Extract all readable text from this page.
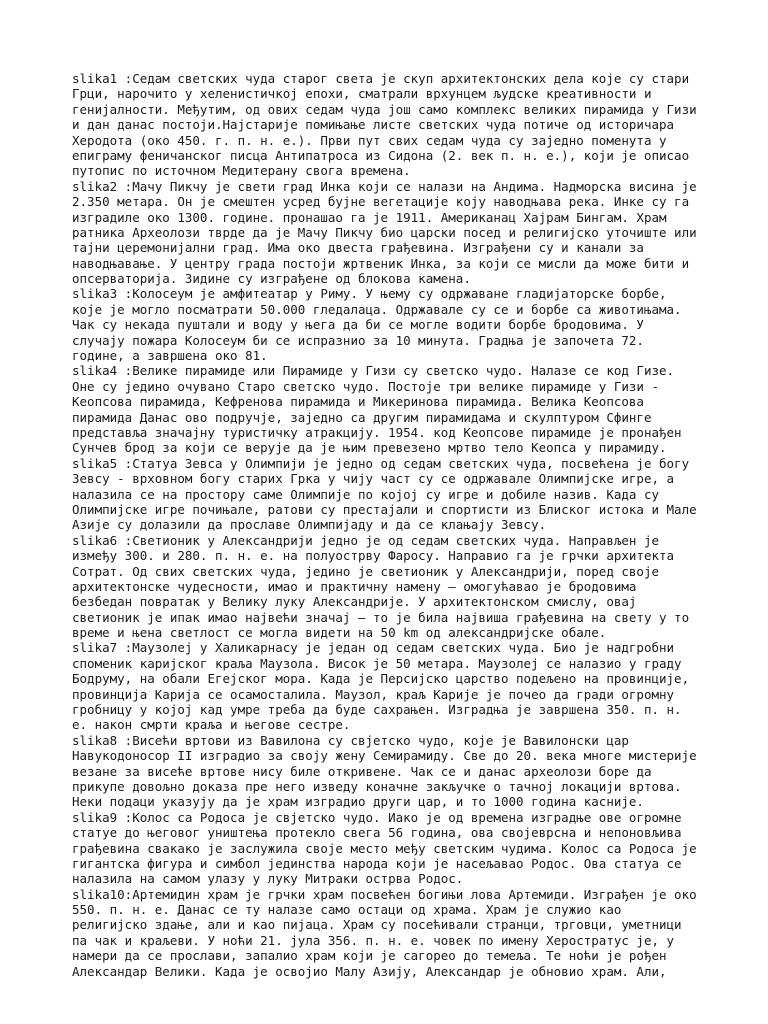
slika1 :Седам светских чуда старог света је скуп архитектонских дела које су стари

Грци, нарочито у хеленистичкој епохи, сматрали врхунцем људске креативности и

генијалности. Међутим, од ових седам чуда још само комплекс великих пирамида у Гизи

и дан данас постоји.Најстарије помињање листе светских чуда потиче од историчара

Херодота (око 450. г. п. н. е.). Први пут свих седам чуда су заједно поменута у

епиграму феничанског писца Антипатроса из Сидона (2. век п. н. е.), који је описао

путопис по источном Медитерану свога времена.

slika2 :Мачу Пикчу је свети град Инка који се налази на Андима. Надморска висина је

2.350 метара. Он је смештен усред бујне вегетације коју наводњава река. Инке су га

изградиле око 1300. године. пронашао га је 1911. Американац Хајрам Бингам. Храм

ратника Археолози тврде да је Мачу Пикчу био царски посед и религијско уточиште или

тајни церемонијални град. Има око двеста грађевина. Изграђени су и канали за

наводњавање. У центру града постоји жртвеник Инка, за који се мисли да може бити и

опсерваторија. Зидине су изграђене од блокова камена.

slika3 :Колосеум је амфитеатар у Риму. У њему су одржаване гладијаторске борбе,

које је могло посматрати 50.000 гледалаца. Одржавале су се и борбе са животињама.

Чак су некада пуштали и воду у њега да би се могле водити борбе бродовима. У

случају пожара Колосеум би се испразнио за 10 минута. Градња је започета 72.

године, а завршена око 81.

slika4 :Велике пирамиде или Пирамиде у Гизи су светско чудо. Налазе се код Гизе.

Оне су једино очувано Старо светско чудо. Постоје три велике пирамиде у Гизи -

Кеопсова пирамида, Кефренова пирамида и Микеринова пирамида. Велика Кеопсова

пирамида Данас ово подручје, заједно са другим пирамидама и скулптуром Сфинге

представља значајну туристичку атракцију. 1954. код Кеопсове пирамиде је пронађен

Сунчев брод за који се верује да је њим превезено мртво тело Кеопса у пирамиду.

slika5 :Статуа Зевса у Олимпији је једно од седам светских чуда, посвећена је богу

Зевсу - врховном богу старих Грка у чију част су се одржавале Олимпијске игре, а

налазила се на простору саме Олимпије по којој су игре и добиле назив. Када су

Олимпијске игре почињале, ратови су престајали и спортисти из Блиског истока и Мале

Азије су долазили да прославе Олимпијаду и да се клањају Зевсу.

slika6 :Светионик у Александрији једно је од седам светских чуда. Направљен је

између 300. и 280. п. н. е. на полуострву Фаросу. Направио га је грчки архитекта

Сотрат. Од свих светских чуда, једино је светионик у Александрији, поред своје

архитектонске чудесности, имао и практичну намену — омогућавао је бродовима

безбедан повратак у Велику луку Александрије. У архитектонском смислу, овај

светионик је ипак имао највећи значај — то је била највиша грађевина на свету у то

време и њена светлост се могла видети на 50 km од александријске обале.

slika7 :Маузолеј у Халикарнасу је један од седам светских чуда. Био је надгробни

споменик каријског краља Маузола. Висок је 50 метара. Маузолеј се налазио у граду

Бодруму, на обали Егејског мора. Када је Персијско царство подељено на провинције,

провинција Карија се осамосталила. Маузол, краљ Карије је почео да гради огромну

гробницу у којој кад умре треба да буде сахрањен. Изградња је завршена 350. п. н.

е. након смрти краља и његове сестре.

slika8 :Висећи вртови из Вавилона су свјетско чудо, које је Вавилонски цар

Навукодоносор II изградио за своју жену Семирамиду. Све до 20. века многе мистерије

везане за висеће вртове нису биле откривене. Чак се и данас археолози боре да

прикупе довољно доказа пре него изведу коначне закључке о тачној локацији вртова.

Неки подаци указују да је храм изградио други цар, и то 1000 година касније.

slika9 :Колос са Родоса је свјетско чудо. Иако је од времена изградње ове огромне

статуе до његовог уништења протекло свега 56 година, ова својеврсна и непоновљива

грађевина свакако је заслужила своје место међу светским чудима. Колос са Родоса је

гигантска фигура и симбол јединства народа који је насељавао Родос. Ова статуа се

налазила на самом улазу у луку Митраки острва Родос.

slika10:Артемидин храм је грчки храм посвећен богињи лова Артемиди. Изграђен је око

550. п. н. е. Данас се ту налазе само остаци од храма. Храм је служио као

религијско здање, али и као пијаца. Храм су посећивали странци, трговци, уметници

па чак и краљеви. У ноћи 21. јула 356. п. н. е. човек по имену Херостратус је, у

намери да се прослави, запалио храм који је сагорео до темеља. Те ноћи је рођен

Александар Велики. Када је освојио Малу Азију, Александар је обновио храм. Али,
